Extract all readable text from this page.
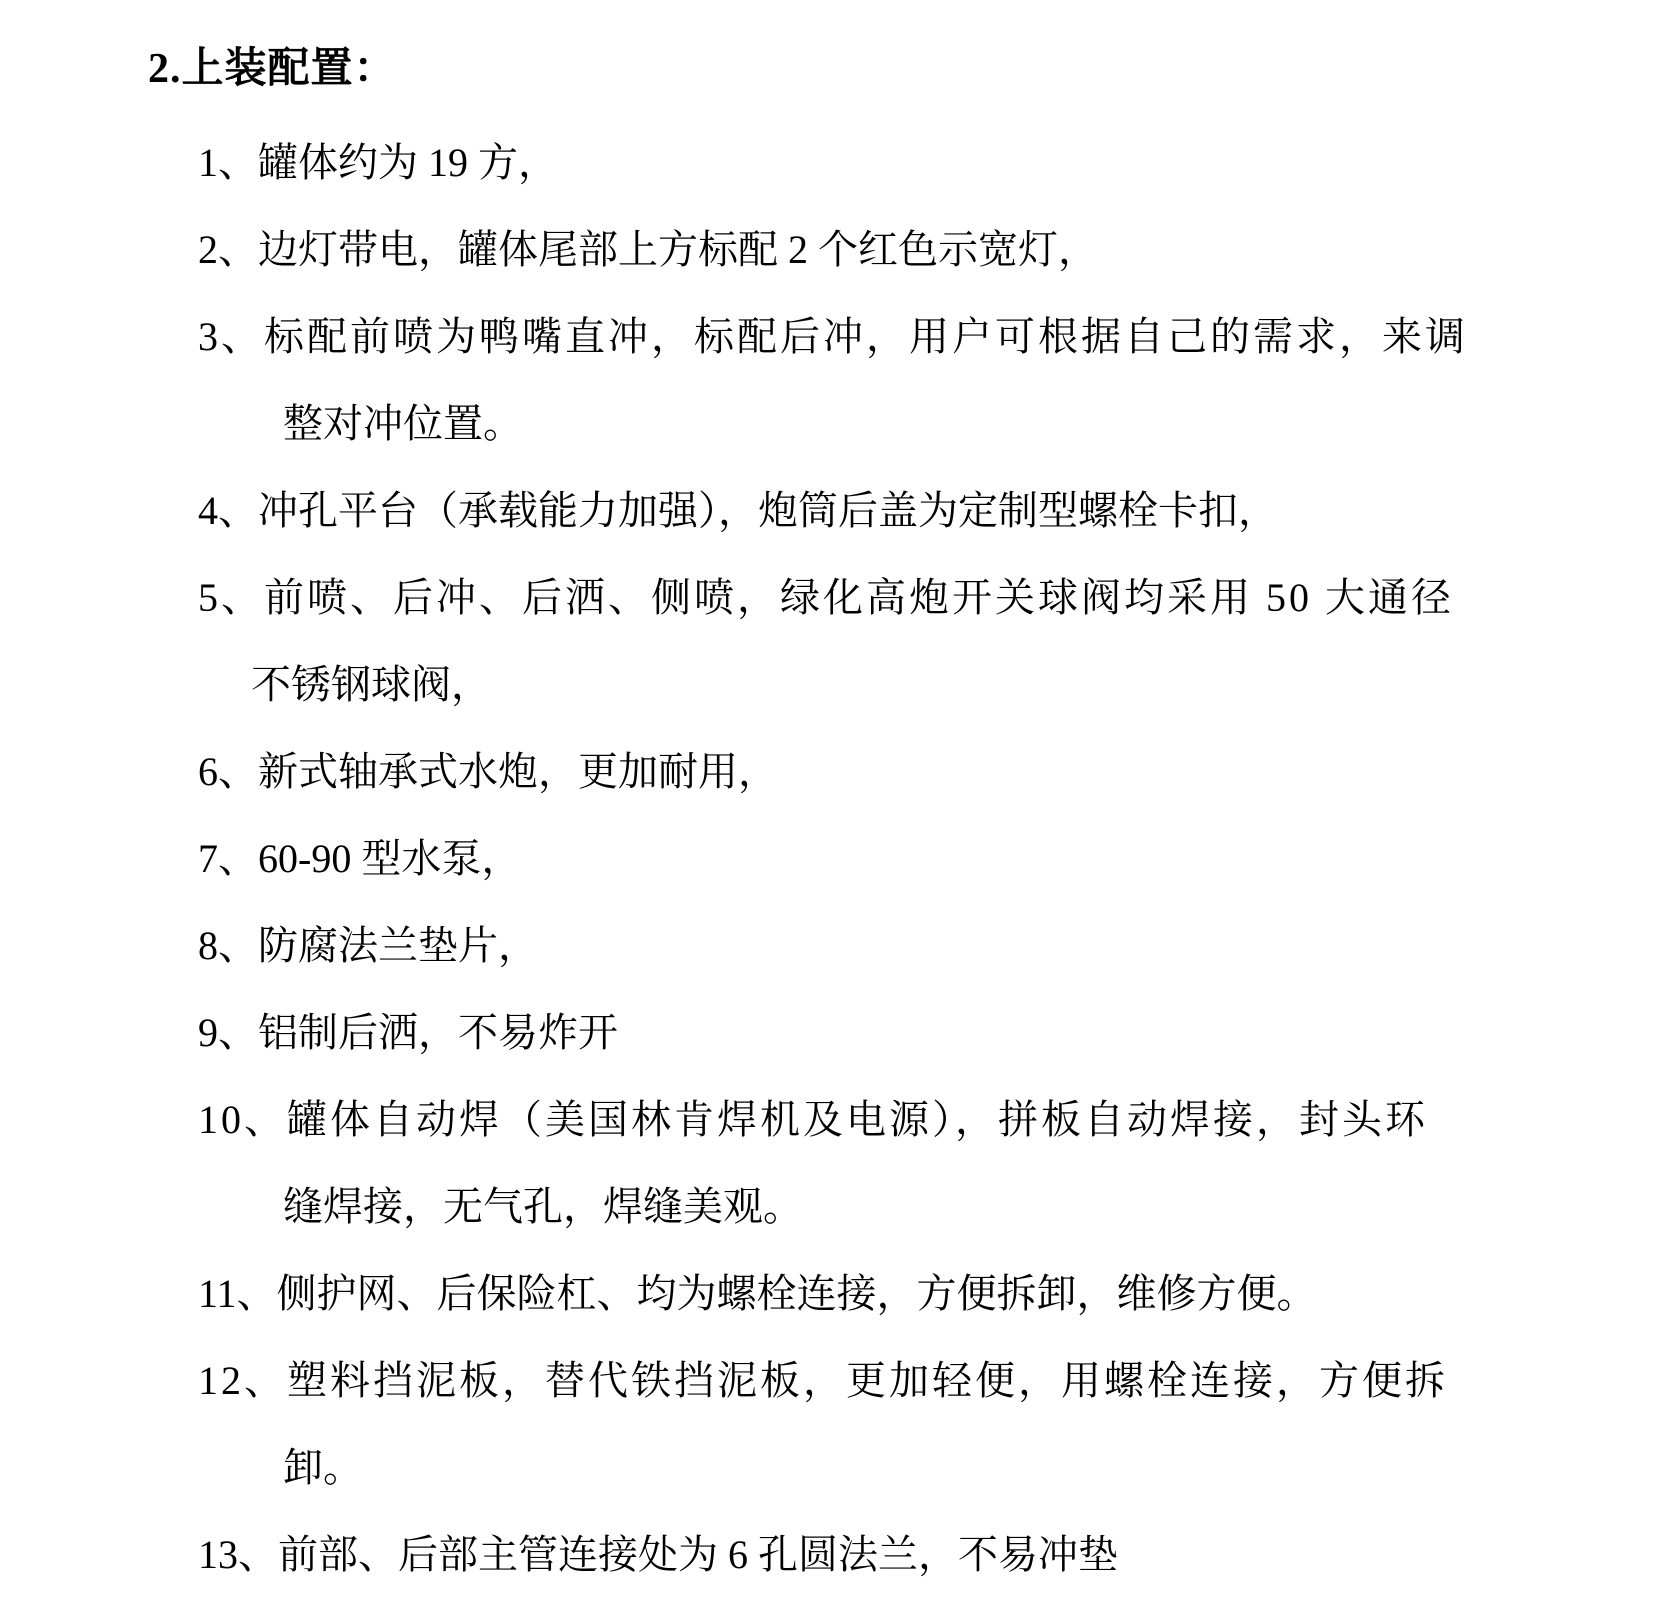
2.上装配置：
1、罐体约为 19 方，
2、边灯带电，罐体尾部上方标配 2 个红色示宽灯，
3、标配前喷为鸭嘴直冲，标配后冲，用户可根据自己的需求，来调
整对冲位置。
4、冲孔平台（承载能力加强），炮筒后盖为定制型螺栓卡扣，
5、前喷、后冲、后洒、侧喷，绿化高炮开关球阀均采用 50 大通径
不锈钢球阀，
6、新式轴承式水炮，更加耐用，
7、60-90 型水泵，
8、防腐法兰垫片，
9、铝制后洒，不易炸开
10、罐体自动焊（美国林肯焊机及电源），拼板自动焊接，封头环
缝焊接，无气孔，焊缝美观。
11、侧护网、后保险杠、均为螺栓连接，方便拆卸，维修方便。
12、塑料挡泥板，替代铁挡泥板，更加轻便，用螺栓连接，方便拆
卸。
13、前部、后部主管连接处为 6 孔圆法兰，不易冲垫
